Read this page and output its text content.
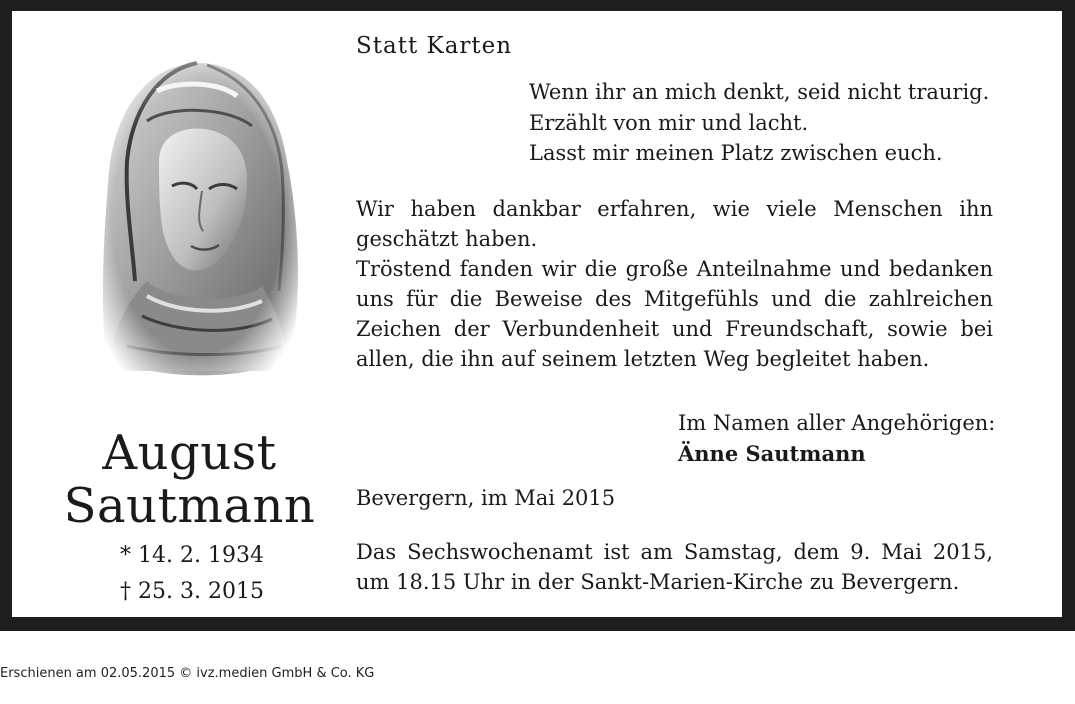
August
Sautmann
* 14. 2. 1934
† 25. 3. 2015
Statt Karten
Wenn ihr an mich denkt, seid nicht traurig.
Erzählt von mir und lacht.
Lasst mir meinen Platz zwischen euch.

Wir haben dankbar erfahren, wie viele Menschen ihn geschätzt haben.

Tröstend fanden wir die große Anteilnahme und bedanken uns für die Beweise des Mitgefühls und die zahlreichen Zeichen der Verbundenheit und Freundschaft, sowie bei allen, die ihn auf seinem letzten Weg begleitet haben.

Im Namen aller Angehörigen:
Änne Sautmann
Bevergern, im Mai 2015

Das Sechswochenamt ist am Samstag, dem 9. Mai 2015, um 18.15 Uhr in der Sankt-Marien-Kirche zu Bevergern.

Erschienen am 02.05.2015 © ivz.medien GmbH & Co. KG
